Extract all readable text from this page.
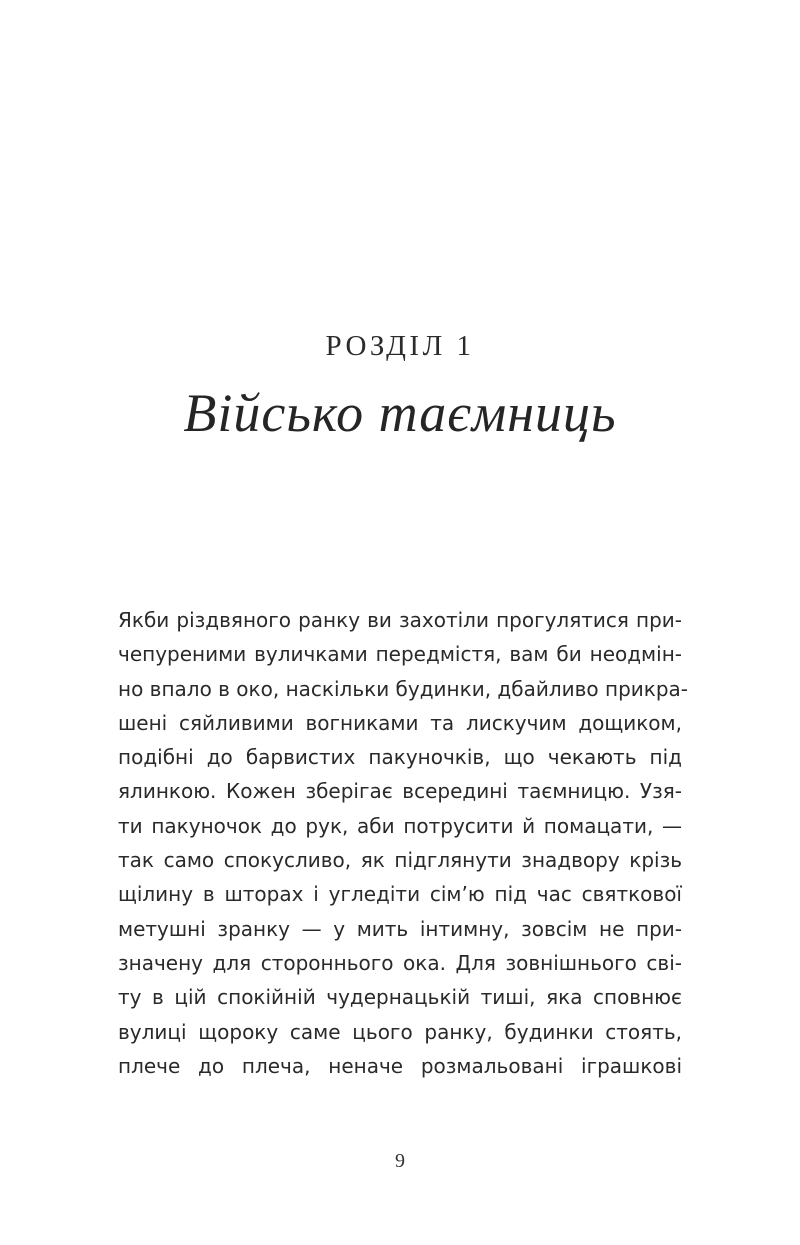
РОЗДІЛ 1
Військо таємниць
Якби різдвяного ранку ви захотіли прогулятися при-
чепуреними вуличками передмістя, вам би неодмін-
но впало в око, наскільки будинки, дбайливо прикра-
шені сяйливими вогниками та лискучим дощиком,
подібні до барвистих пакуночків, що чекають під
ялинкою. Кожен зберігає всередині таємницю. Узя-
ти пакуночок до рук, аби потрусити й помацати, —
так само спокусливо, як підглянути знадвору крізь
щілину в шторах і угледіти сім’ю під час святкової
метушні зранку — у мить інтимну, зовсім не при-
значену для стороннього ока. Для зовнішнього сві-
ту в цій спокійній чудернацькій тиші, яка сповнює
вулиці щороку саме цього ранку, будинки стоять,
плече до плеча, неначе розмальовані іграшкові
9
